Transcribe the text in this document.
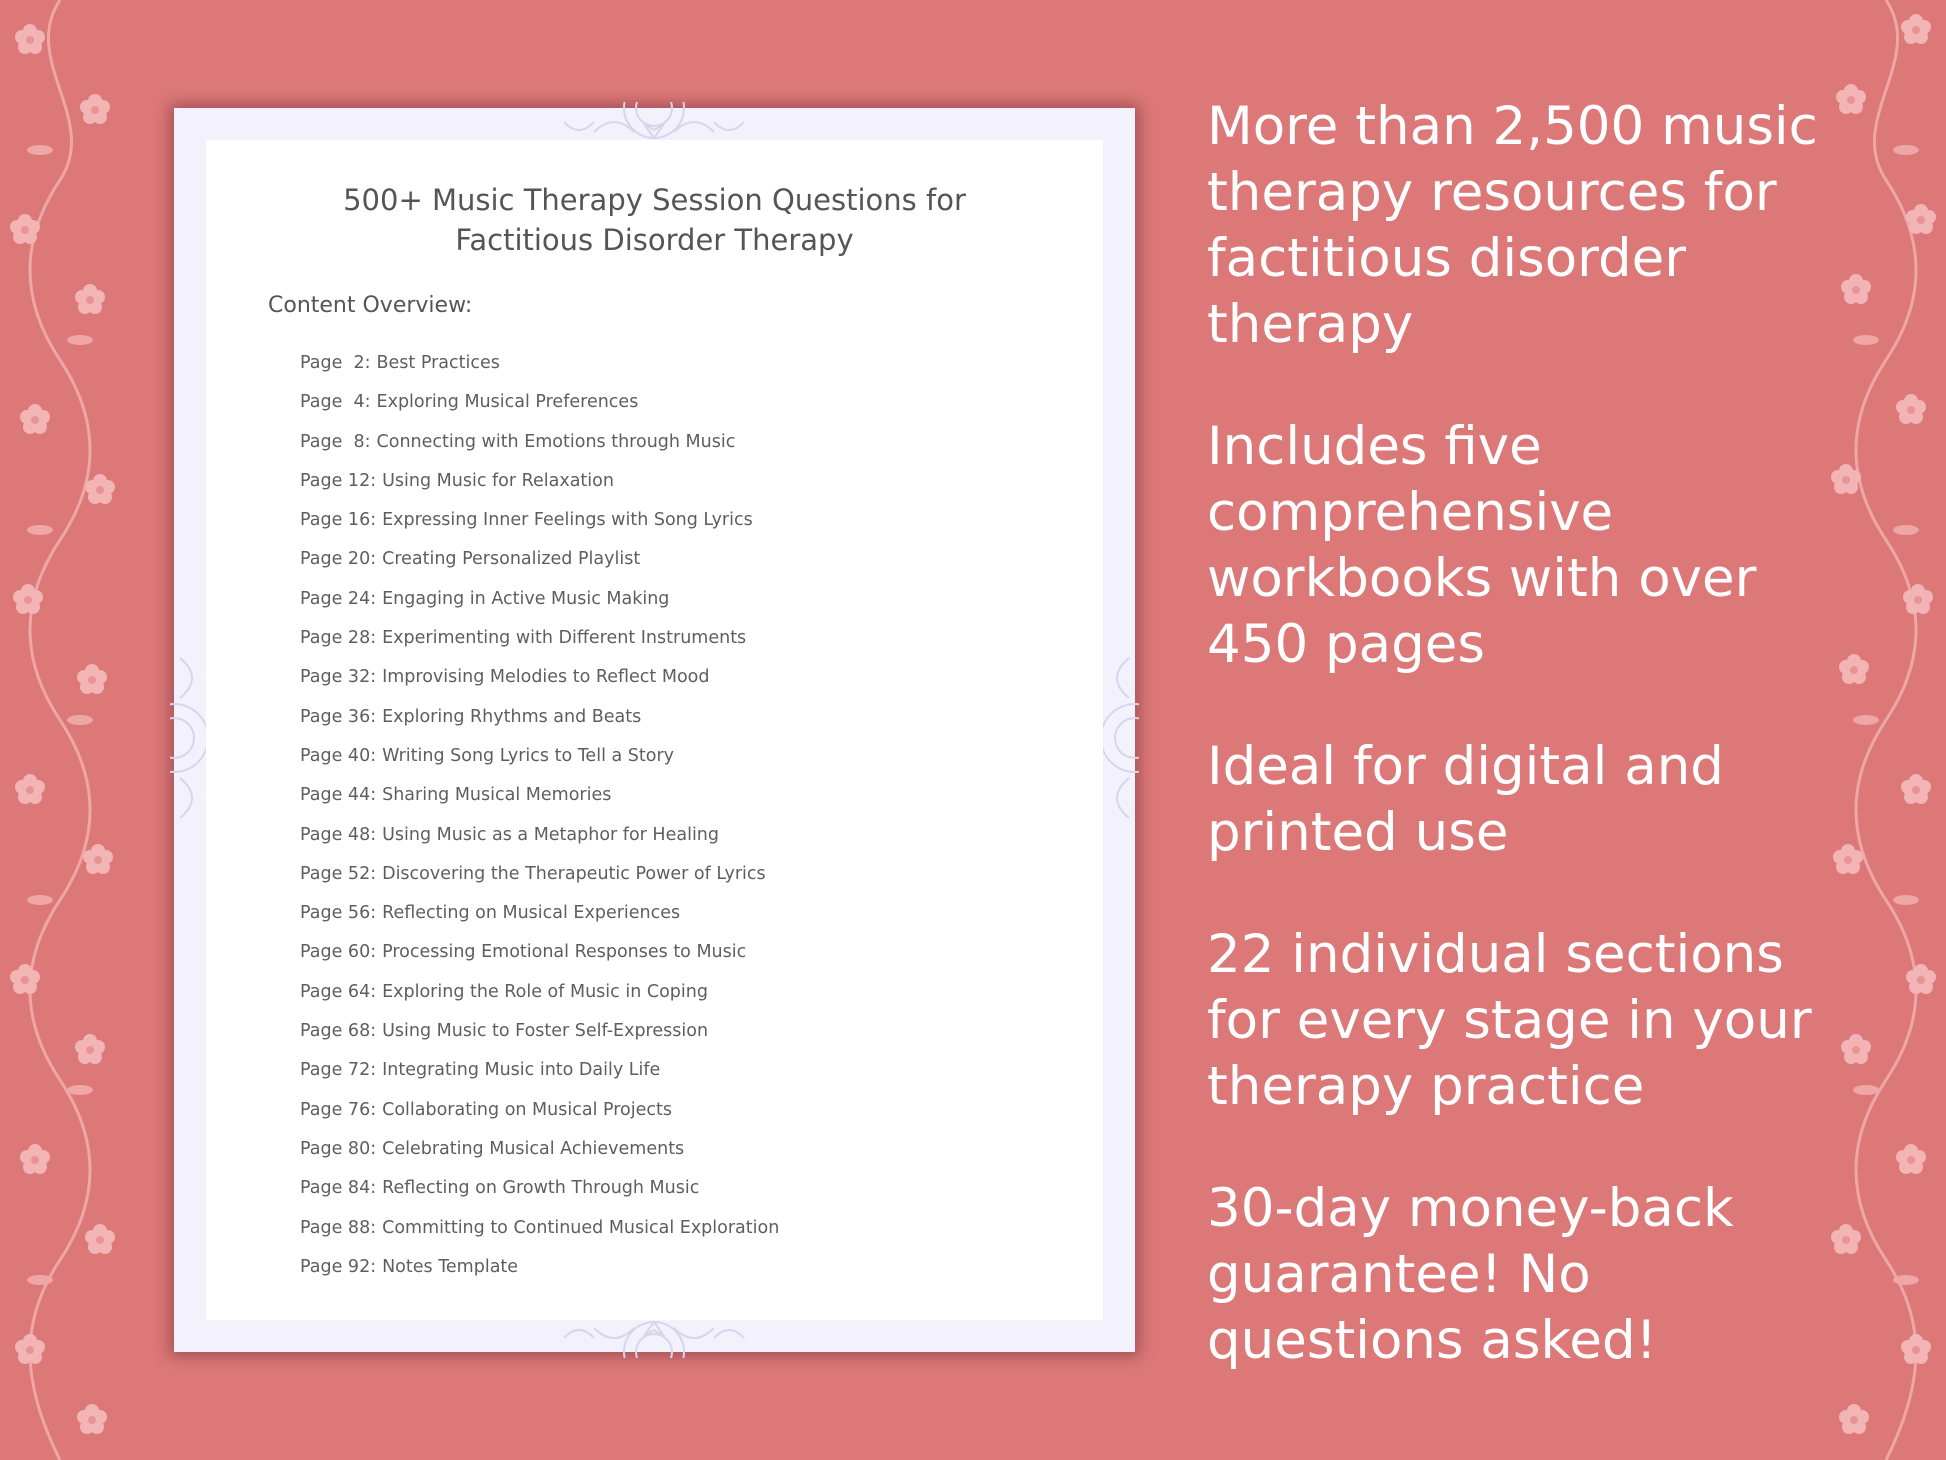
500+ Music Therapy Session Questions for
Factitious Disorder Therapy
Content Overview:
Page  2: Best Practices
Page  4: Exploring Musical Preferences
Page  8: Connecting with Emotions through Music
Page 12: Using Music for Relaxation
Page 16: Expressing Inner Feelings with Song Lyrics
Page 20: Creating Personalized Playlist
Page 24: Engaging in Active Music Making
Page 28: Experimenting with Different Instruments
Page 32: Improvising Melodies to Reflect Mood
Page 36: Exploring Rhythms and Beats
Page 40: Writing Song Lyrics to Tell a Story
Page 44: Sharing Musical Memories
Page 48: Using Music as a Metaphor for Healing
Page 52: Discovering the Therapeutic Power of Lyrics
Page 56: Reflecting on Musical Experiences
Page 60: Processing Emotional Responses to Music
Page 64: Exploring the Role of Music in Coping
Page 68: Using Music to Foster Self-Expression
Page 72: Integrating Music into Daily Life
Page 76: Collaborating on Musical Projects
Page 80: Celebrating Musical Achievements
Page 84: Reflecting on Growth Through Music
Page 88: Committing to Continued Musical Exploration
Page 92: Notes Template

More than 2,500 music therapy resources for factitious disorder therapy

Includes five comprehensive workbooks with over 450 pages

Ideal for digital and printed use

22 individual sections for every stage in your therapy practice

30-day money-back guarantee! No questions asked!
